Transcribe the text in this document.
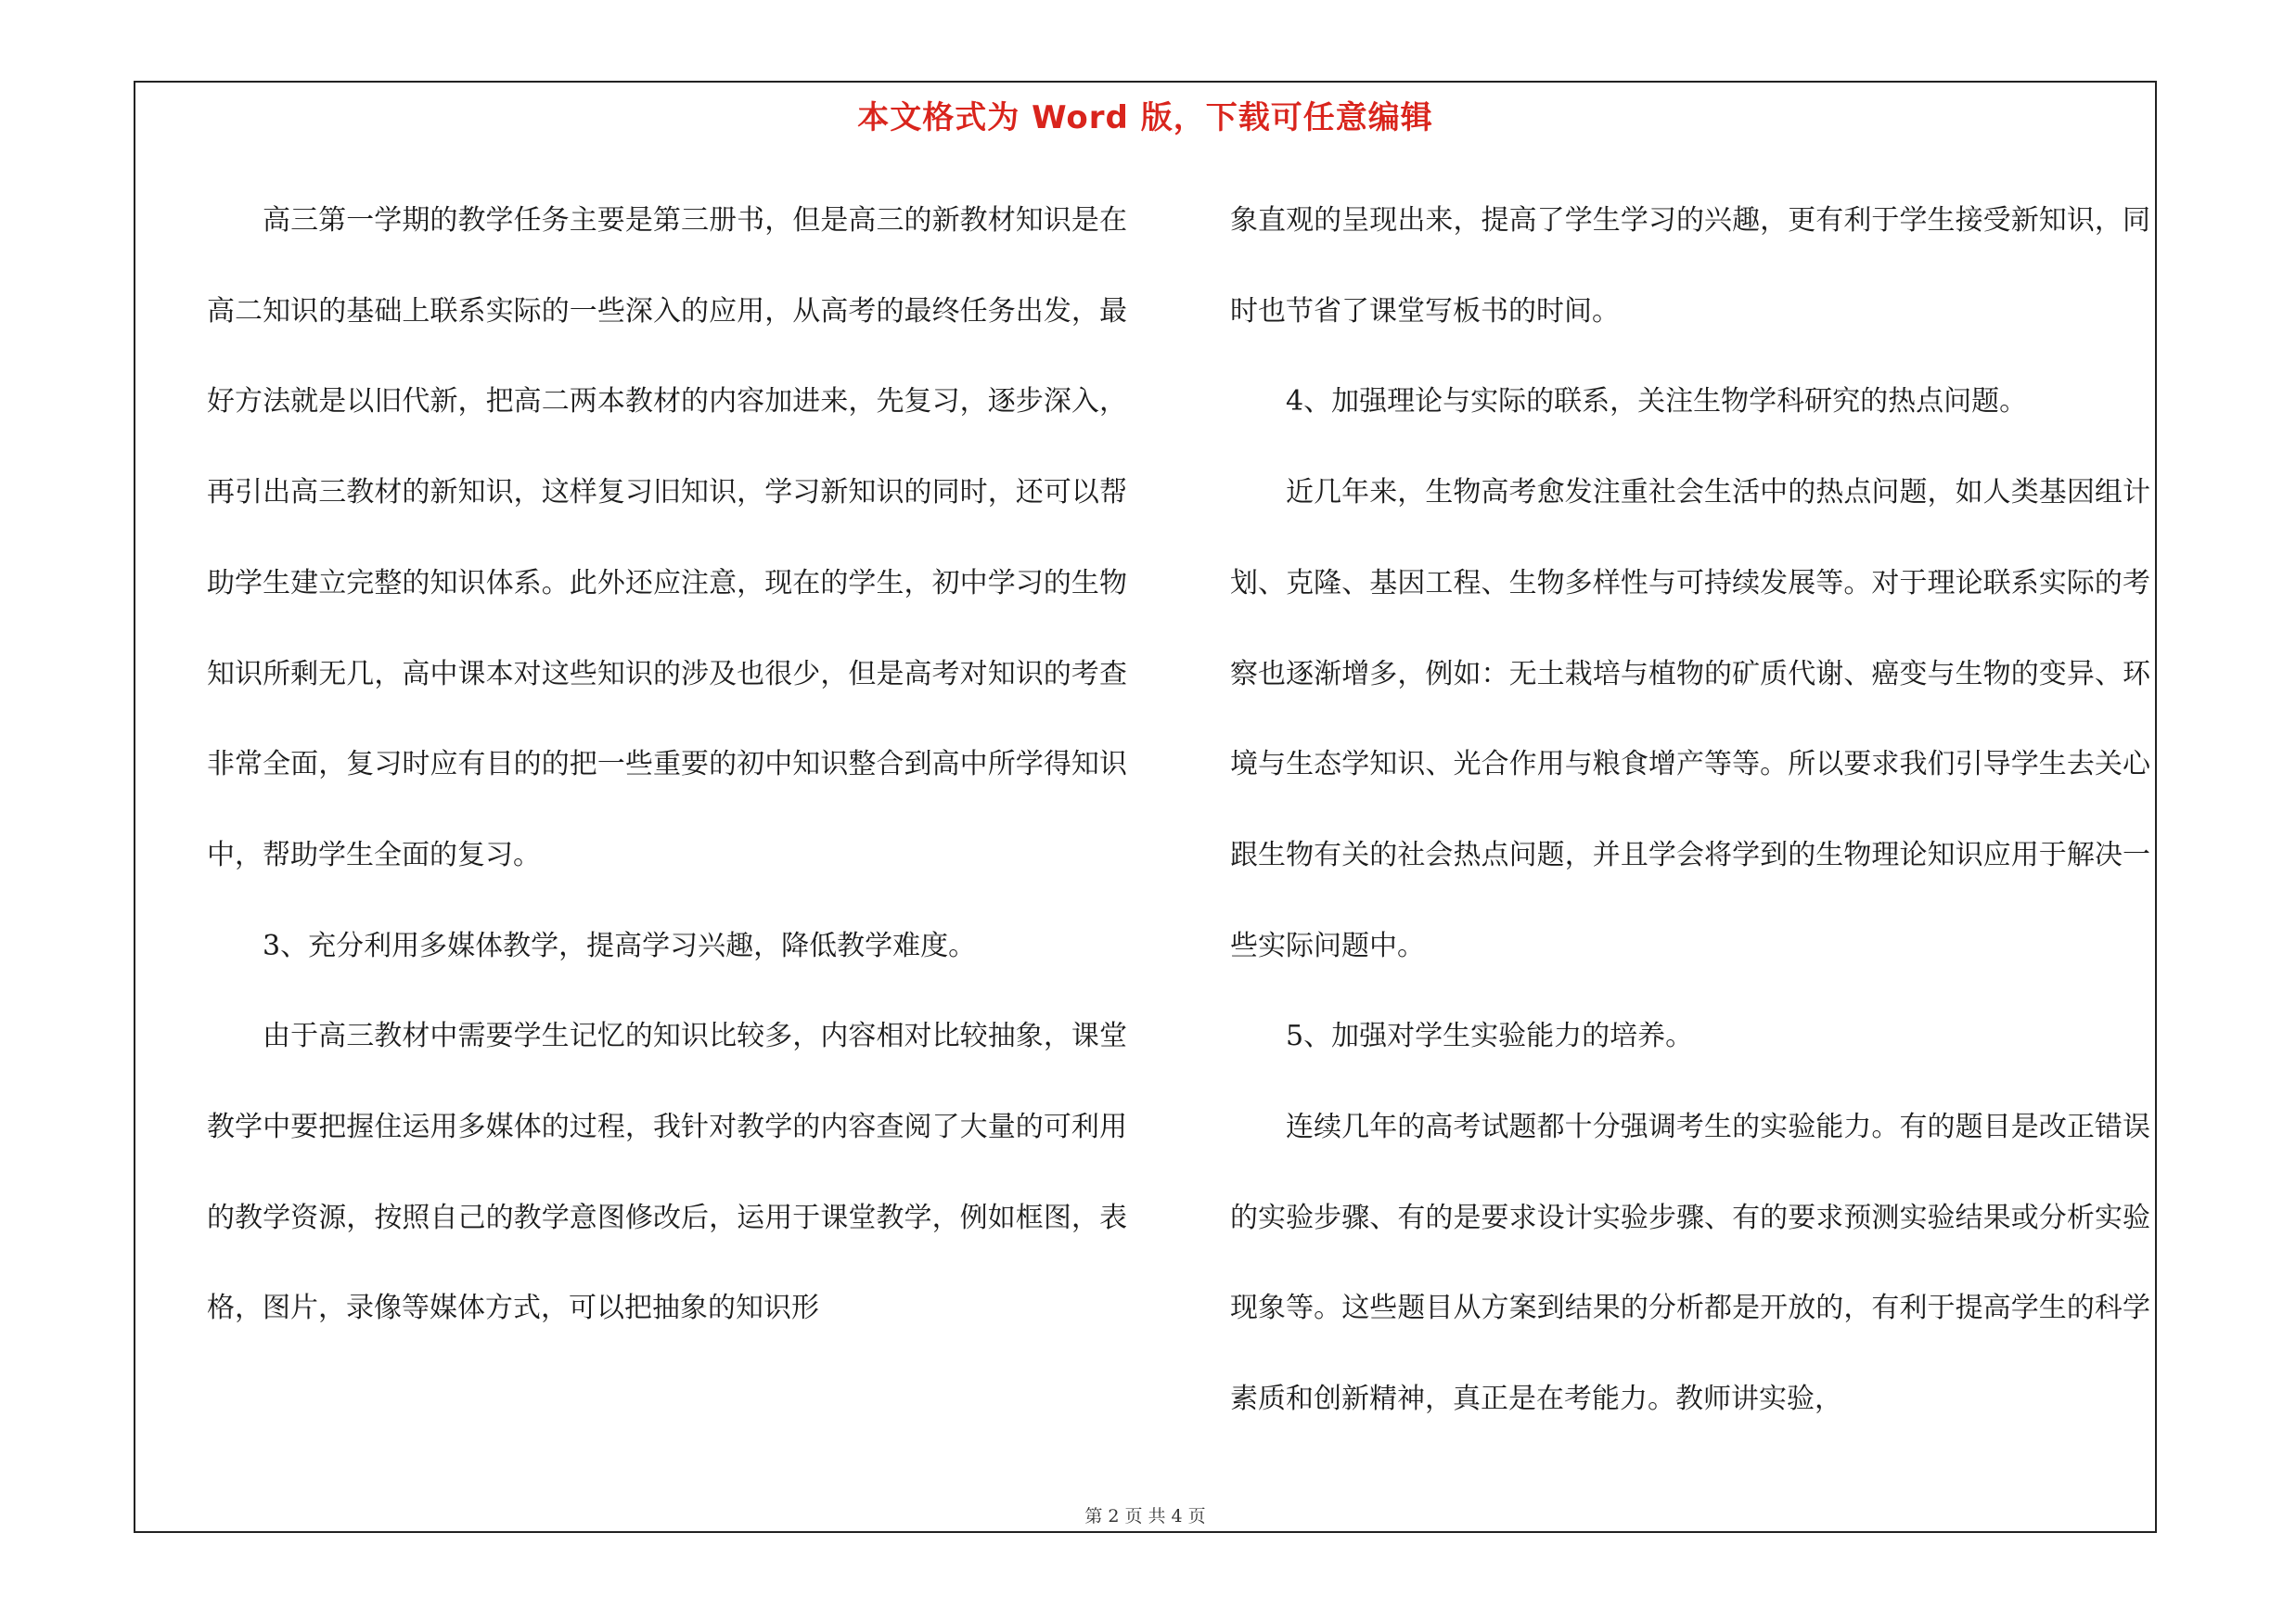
本文格式为 Word 版，下载可任意编辑

高三第一学期的教学任务主要是第三册书，但是高三的新教材知识是在高二知识的基础上联系实际的一些深入的应用，从高考的最终任务出发，最好方法就是以旧代新，把高二两本教材的内容加进来，先复习，逐步深入，再引出高三教材的新知识，这样复习旧知识，学习新知识的同时，还可以帮助学生建立完整的知识体系。此外还应注意，现在的学生，初中学习的生物知识所剩无几，高中课本对这些知识的涉及也很少，但是高考对知识的考查非常全面，复习时应有目的的把一些重要的初中知识整合到高中所学得知识中，帮助学生全面的复习。

3、充分利用多媒体教学，提高学习兴趣，降低教学难度。

由于高三教材中需要学生记忆的知识比较多，内容相对比较抽象，课堂教学中要把握住运用多媒体的过程，我针对教学的内容查阅了大量的可利用的教学资源，按照自己的教学意图修改后，运用于课堂教学，例如框图，表格，图片，录像等媒体方式，可以把抽象的知识形

象直观的呈现出来，提高了学生学习的兴趣，更有利于学生接受新知识，同时也节省了课堂写板书的时间。

4、加强理论与实际的联系，关注生物学科研究的热点问题。

近几年来，生物高考愈发注重社会生活中的热点问题，如人类基因组计划、克隆、基因工程、生物多样性与可持续发展等。对于理论联系实际的考察也逐渐增多，例如：无土栽培与植物的矿质代谢、癌变与生物的变异、环境与生态学知识、光合作用与粮食增产等等。所以要求我们引导学生去关心跟生物有关的社会热点问题，并且学会将学到的生物理论知识应用于解决一些实际问题中。

5、加强对学生实验能力的培养。

连续几年的高考试题都十分强调考生的实验能力。有的题目是改正错误的实验步骤、有的是要求设计实验步骤、有的要求预测实验结果或分析实验现象等。这些题目从方案到结果的分析都是开放的，有利于提高学生的科学素质和创新精神，真正是在考能力。教师讲实验，

第 2 页 共 4 页
